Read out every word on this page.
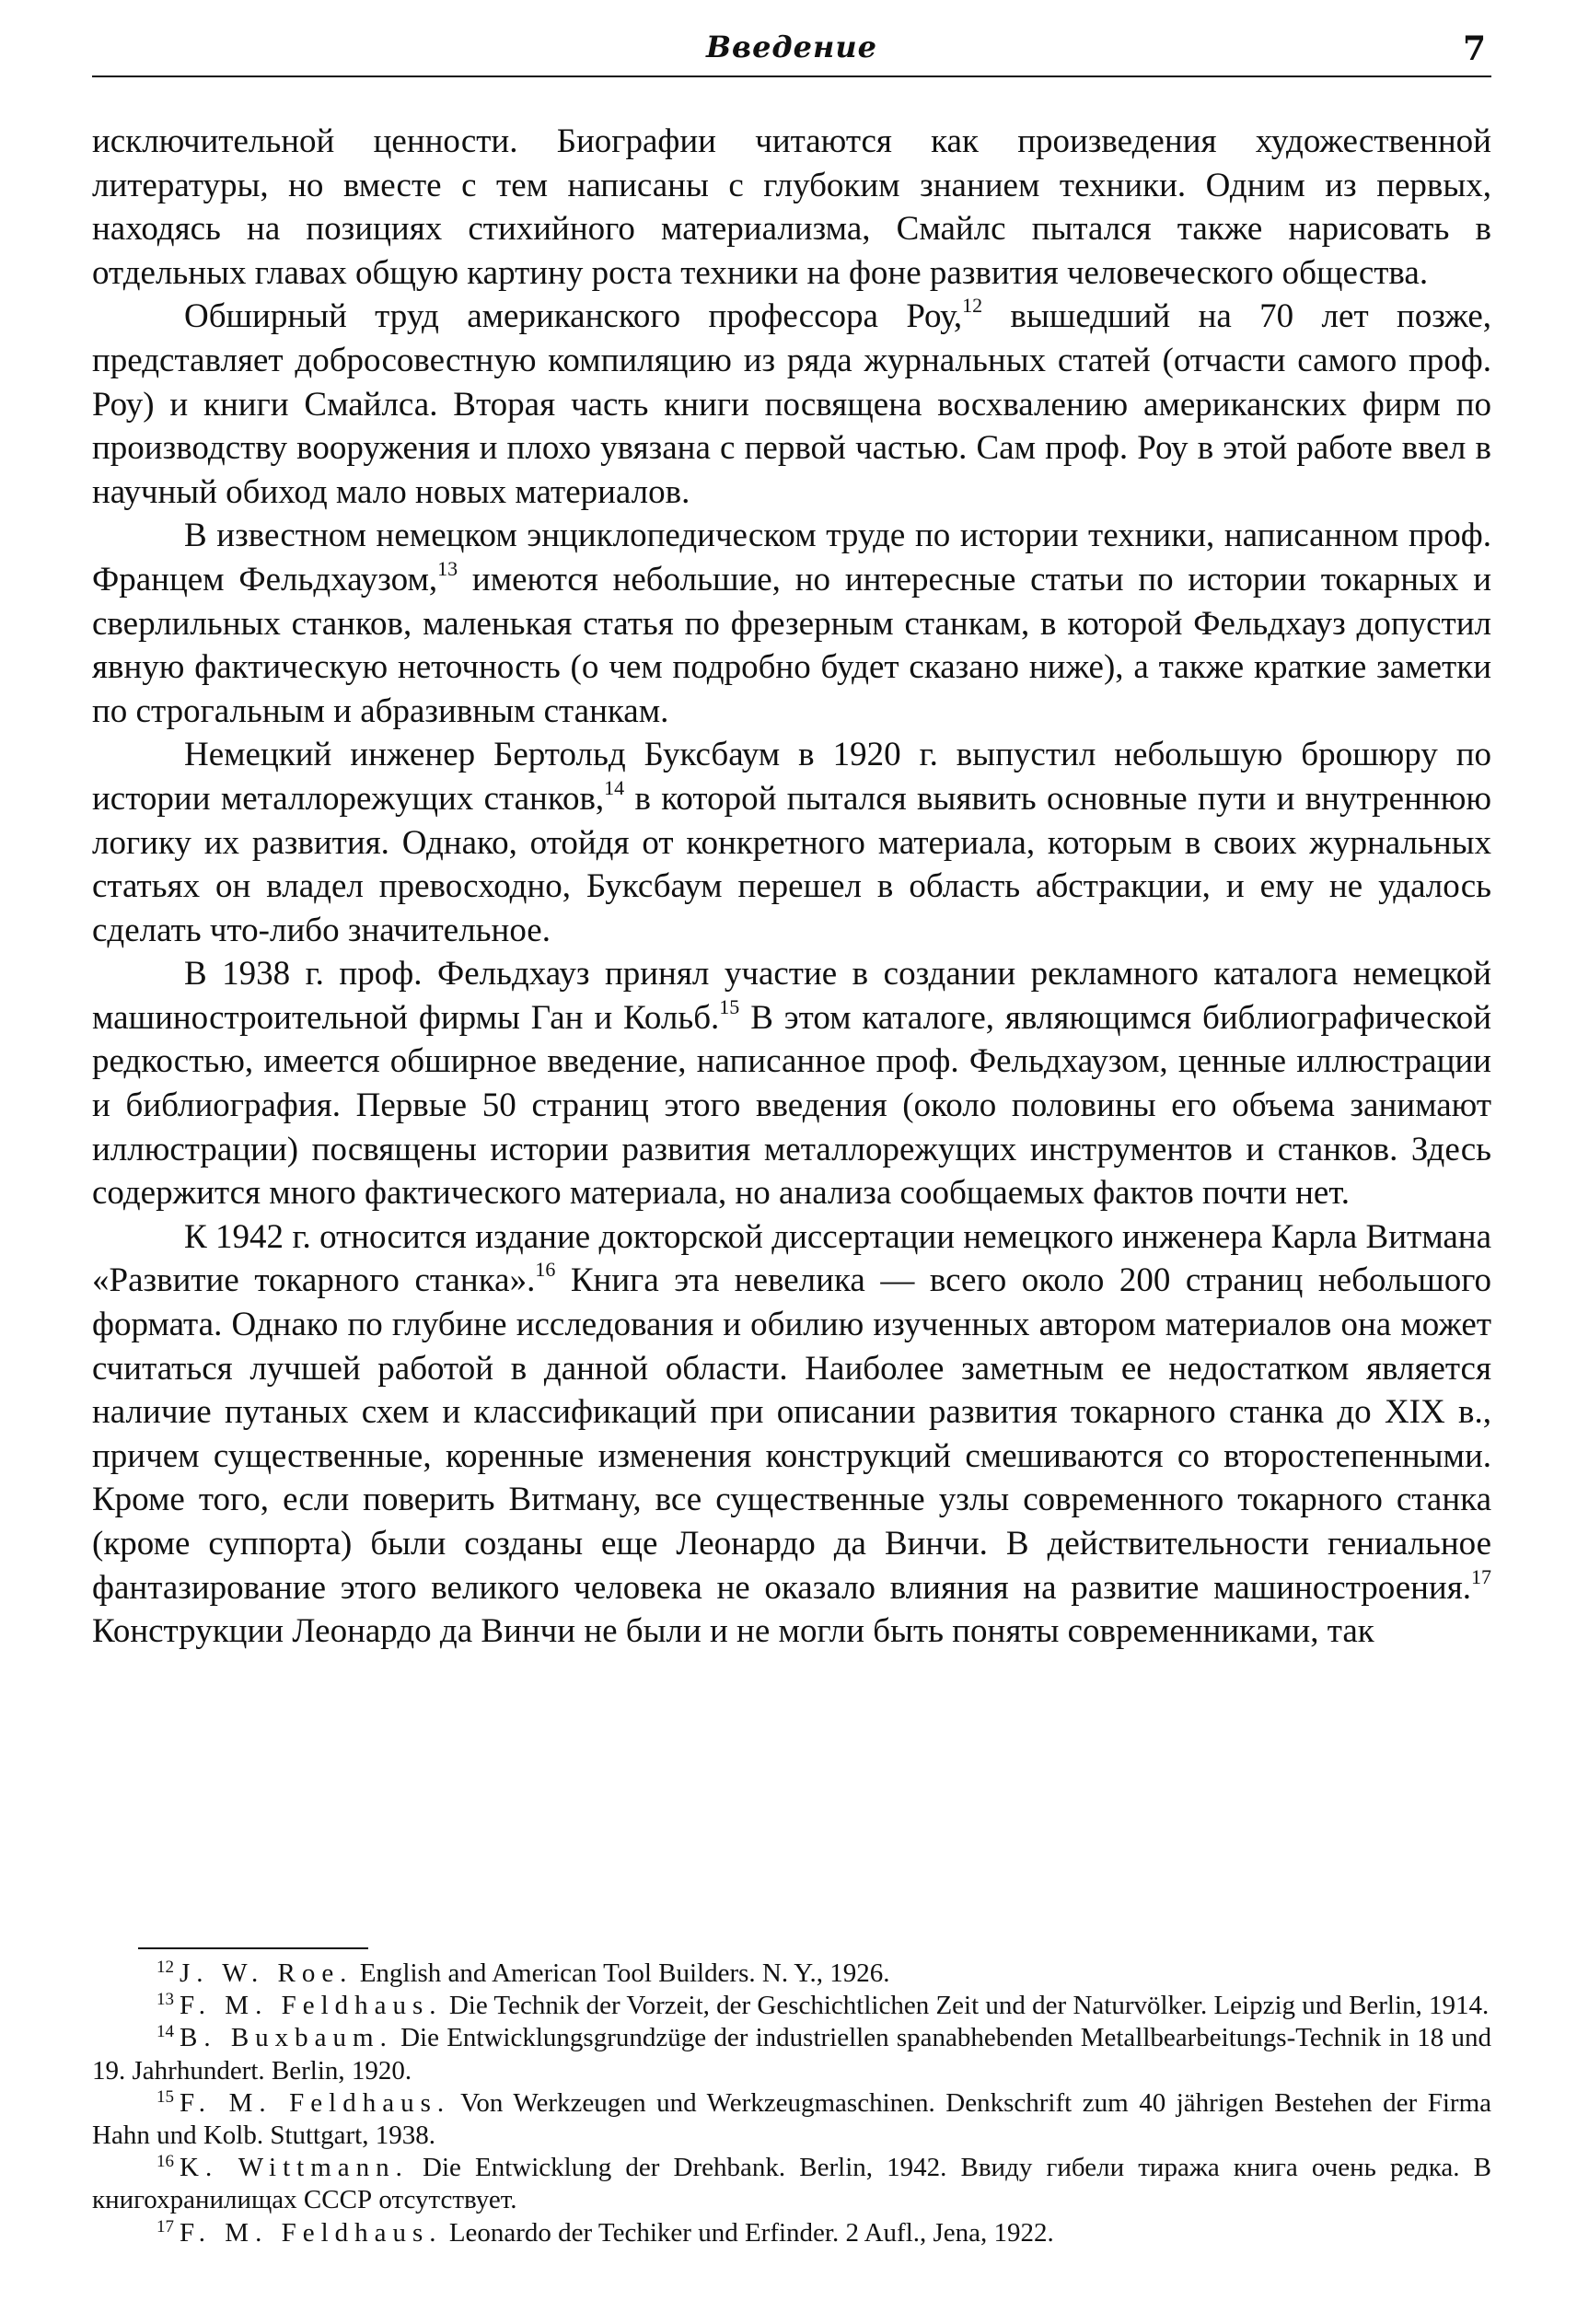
Введение	7

исключительной ценности. Биографии читаются как произведения художественной литературы, но вместе с тем написаны с глубоким знанием техники. Одним из первых, находясь на позициях стихийного материализма, Смайлс пытался также нарисовать в отдельных главах общую картину роста техники на фоне развития человеческого общества.

Обширный труд американского профессора Роу,$^{12}$ вышедший на 70 лет позже, представляет добросовестную компиляцию из ряда журнальных статей (отчасти самого проф. Роу) и книги Смайлса. Вторая часть книги посвящена восхвалению американских фирм по производству вооружения и плохо увязана с первой частью. Сам проф. Роу в этой работе ввел в научный обиход мало новых материалов.

В известном немецком энциклопедическом труде по истории техники, написанном проф. Францем Фельдхаузом,$^{13}$ имеются небольшие, но интересные статьи по истории токарных и сверлильных станков, маленькая статья по фрезерным станкам, в которой Фельдхауз допустил явную фактическую неточность (о чем подробно будет сказано ниже), а также краткие заметки по строгальным и абразивным станкам.

Немецкий инженер Бертольд Буксбаум в 1920 г. выпустил небольшую брошюру по истории металлорежущих станков,$^{14}$ в которой пытался выявить основные пути и внутреннюю логику их развития. Однако, отойдя от конкретного материала, которым в своих журнальных статьях он владел превосходно, Буксбаум перешел в область абстракции, и ему не удалось сделать что-либо значительное.

В 1938 г. проф. Фельдхауз принял участие в создании рекламного каталога немецкой машиностроительной фирмы Ган и Кольб.$^{15}$ В этом каталоге, являющимся библиографической редкостью, имеется обширное введение, написанное проф. Фельдхаузом, ценные иллюстрации и библиография. Первые 50 страниц этого введения (около половины его объема занимают иллюстрации) посвящены истории развития металлорежущих инструментов и станков. Здесь содержится много фактического материала, но анализа сообщаемых фактов почти нет.

К 1942 г. относится издание докторской диссертации немецкого инженера Карла Витмана «Развитие токарного станка».$^{16}$ Книга эта невелика — всего около 200 страниц небольшого формата. Однако по глубине исследования и обилию изученных автором материалов она может считаться лучшей работой в данной области. Наиболее заметным ее недостатком является наличие путаных схем и классификаций при описании развития токарного станка до XIX в., причем существенные, коренные изменения конструкций смешиваются со второстепенными. Кроме того, если поверить Витману, все существенные узлы современного токарного станка (кроме суппорта) были созданы еще Леонардо да Винчи. В действительности гениальное фантазирование этого великого человека не оказало влияния на развитие машиностроения.$^{17}$ Конструкции Леонардо да Винчи не были и не могли быть поняты современниками, так

$^{12}$ J. W. Roe. English and American Tool Builders. N. Y., 1926.

$^{13}$ F. M. Feldhaus. Die Technik der Vorzeit, der Geschichtlichen Zeit und der Naturvölker. Leipzig und Berlin, 1914.

$^{14}$ B. Buxbaum. Die Entwicklungsgrundzüge der industriellen spanabhebenden Metallbearbeitungs-Technik in 18 und 19. Jahrhundert. Berlin, 1920.

$^{15}$ F. M. Feldhaus. Von Werkzeugen und Werkzeugmaschinen. Denkschrift zum 40 jährigen Bestehen der Firma Hahn und Kolb. Stuttgart, 1938.

$^{16}$ K. Wittmann. Die Entwicklung der Drehbank. Berlin, 1942. Ввиду гибели тиража книга очень редка. В книгохранилищах СССР отсутствует.

$^{17}$ F. M. Feldhaus. Leonardo der Techiker und Erfinder. 2 Aufl., Jena, 1922.
